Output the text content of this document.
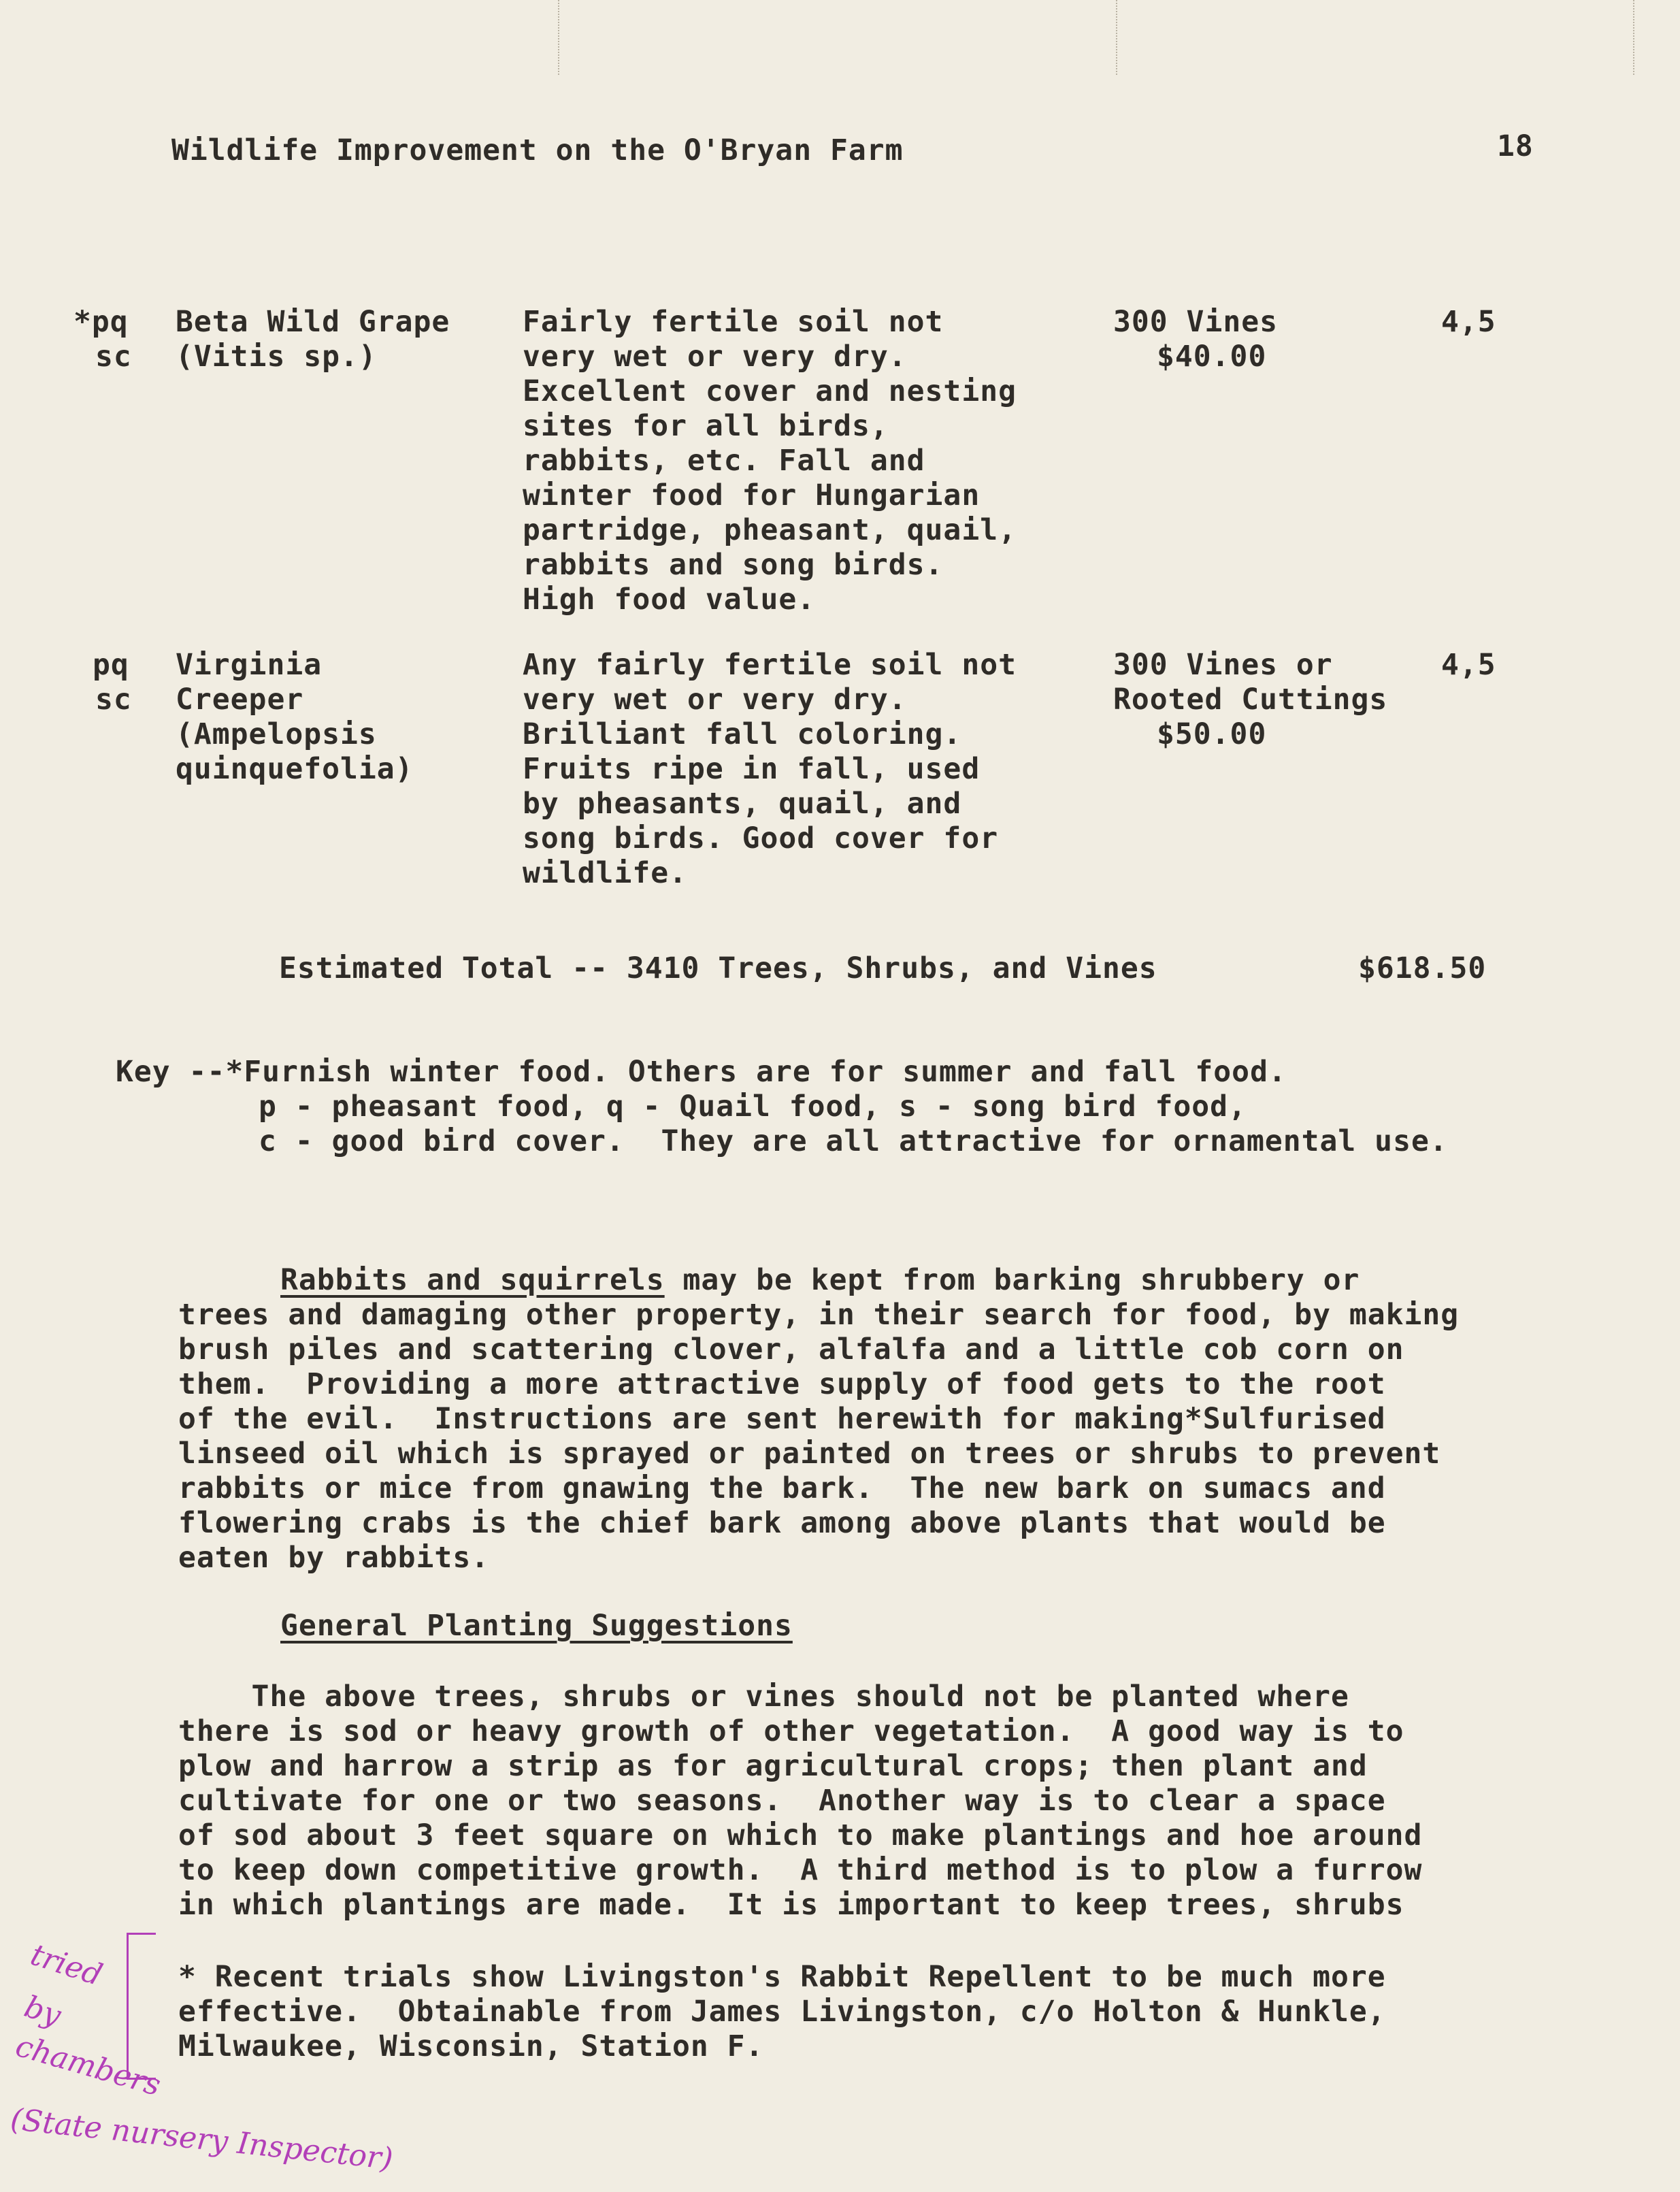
Wildlife Improvement on the O'Bryan Farm	18
*pq
sc
Beta Wild Grape
(Vitis sp.)
Fairly fertile soil not
very wet or very dry.
Excellent cover and nesting
sites for all birds,
rabbits, etc. Fall and
winter food for Hungarian
partridge, pheasant, quail,
rabbits and song birds.
High food value.
300 Vines
$40.00
4,5
pq
sc
Virginia
Creeper
(Ampelopsis
quinquefolia)
Any fairly fertile soil not
very wet or very dry.
Brilliant fall coloring.
Fruits ripe in fall, used
by pheasants, quail, and
song birds. Good cover for
wildlife.
300 Vines or
Rooted Cuttings
$50.00
4,5
Estimated Total -- 3410 Trees, Shrubs, and Vines	$618.50
Key --*Furnish winter food. Others are for summer and fall food.
p - pheasant food, q - Quail food, s - song bird food,
c - good bird cover.  They are all attractive for ornamental use.
Rabbits and squirrels may be kept from barking shrubbery or
trees and damaging other property, in their search for food, by making
brush piles and scattering clover, alfalfa and a little cob corn on
them.  Providing a more attractive supply of food gets to the root
of the evil.  Instructions are sent herewith for making*Sulfurised
linseed oil which is sprayed or painted on trees or shrubs to prevent
rabbits or mice from gnawing the bark.  The new bark on sumacs and
flowering crabs is the chief bark among above plants that would be
eaten by rabbits.
General Planting Suggestions
The above trees, shrubs or vines should not be planted where
there is sod or heavy growth of other vegetation.  A good way is to
plow and harrow a strip as for agricultural crops; then plant and
cultivate for one or two seasons.  Another way is to clear a space
of sod about 3 feet square on which to make plantings and hoe around
to keep down competitive growth.  A third method is to plow a furrow
in which plantings are made.  It is important to keep trees, shrubs
* Recent trials show Livingston's Rabbit Repellent to be much more
effective.  Obtainable from James Livingston, c/o Holton & Hunkle,
Milwaukee, Wisconsin, Station F.
tried
by
chambers
(State nursery Inspector)
